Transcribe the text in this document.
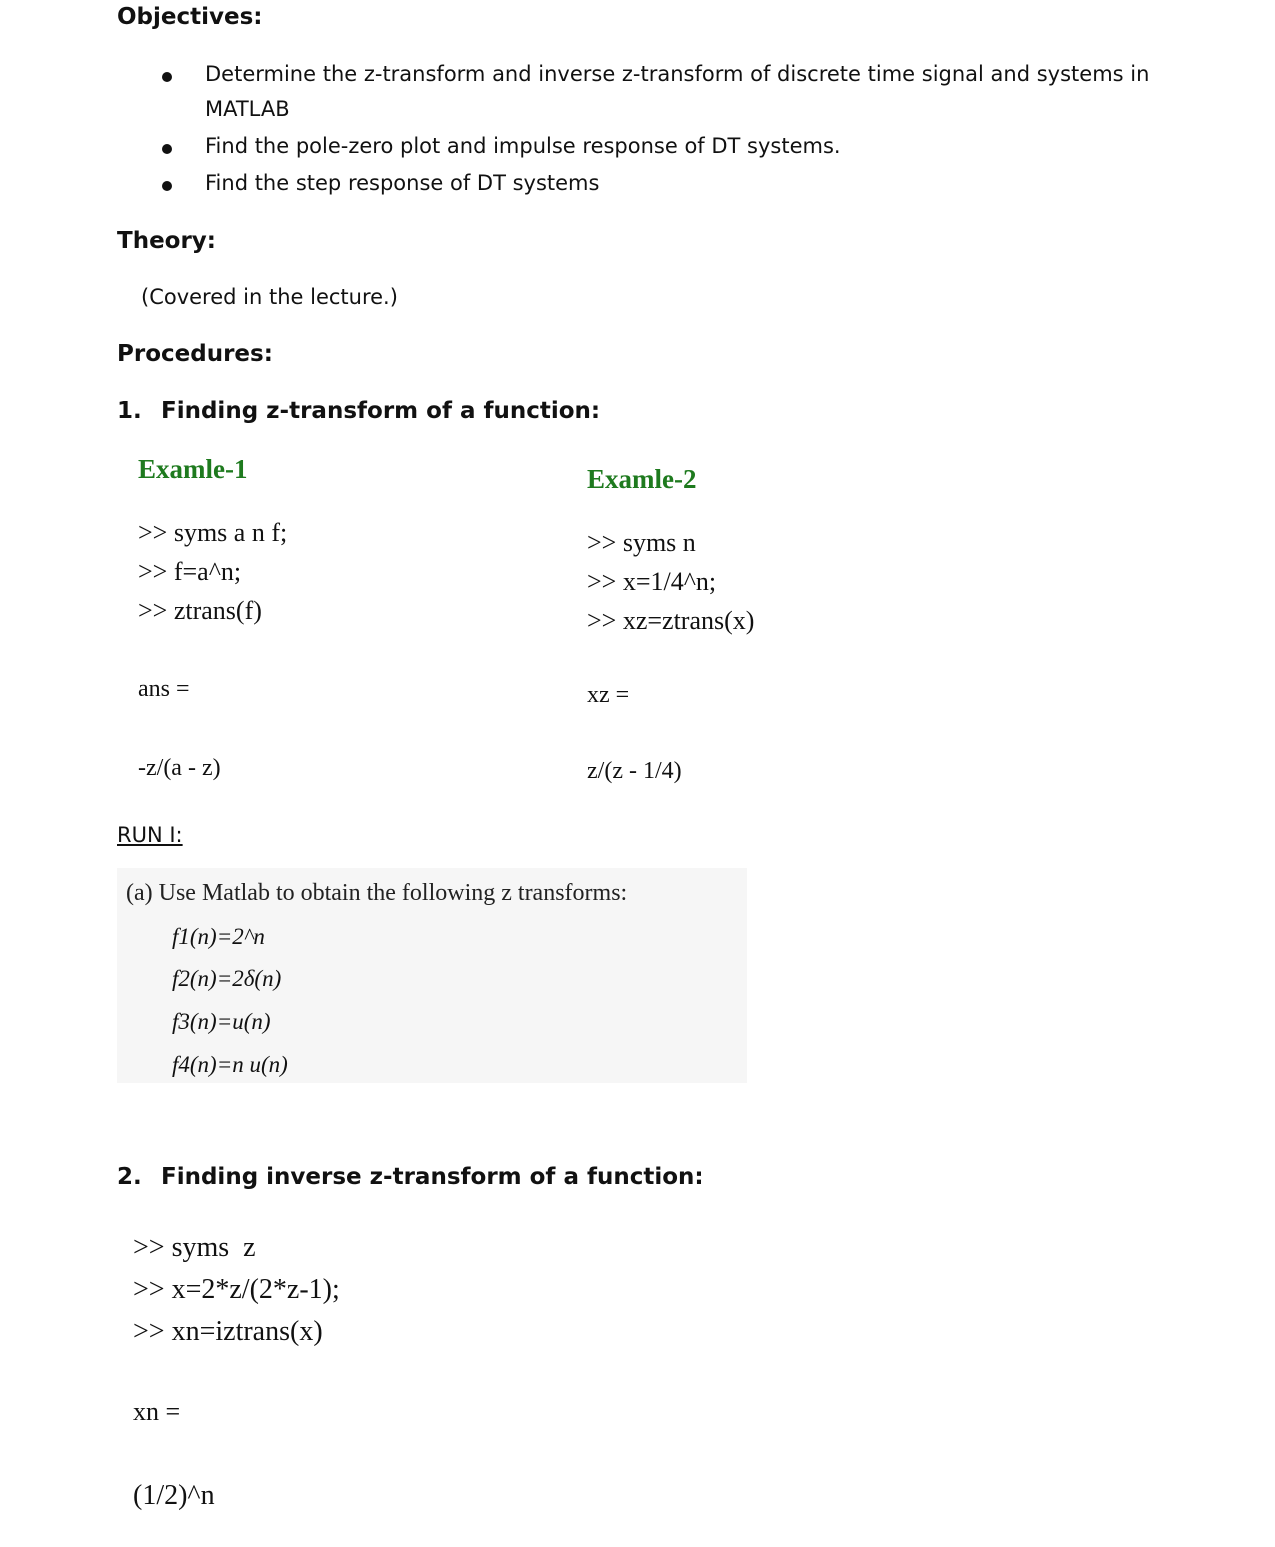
Objectives:
Determine the z-transform and inverse z-transform of discrete time signal and systems in
MATLAB
Find the pole-zero plot and impulse response of DT systems.
Find the step response of DT systems
Theory:
(Covered in the lecture.)
Procedures:
1. Finding z-transform of a function:
Examle-1
>> syms a n f;
>> f=a^n;
>> ztrans(f)
ans =
-z/(a - z)
Examle-2
>> syms n
>> x=1/4^n;
>> xz=ztrans(x)
xz =
z/(z - 1/4)
RUN I:
(a) Use Matlab to obtain the following z transforms:
f1(n)=2^n
f2(n)=2δ(n)
f3(n)=u(n)
f4(n)=n u(n)
2. Finding inverse z-transform of a function:
>> syms  z
>> x=2*z/(2*z-1);
>> xn=iztrans(x)
xn =
(1/2)^n
